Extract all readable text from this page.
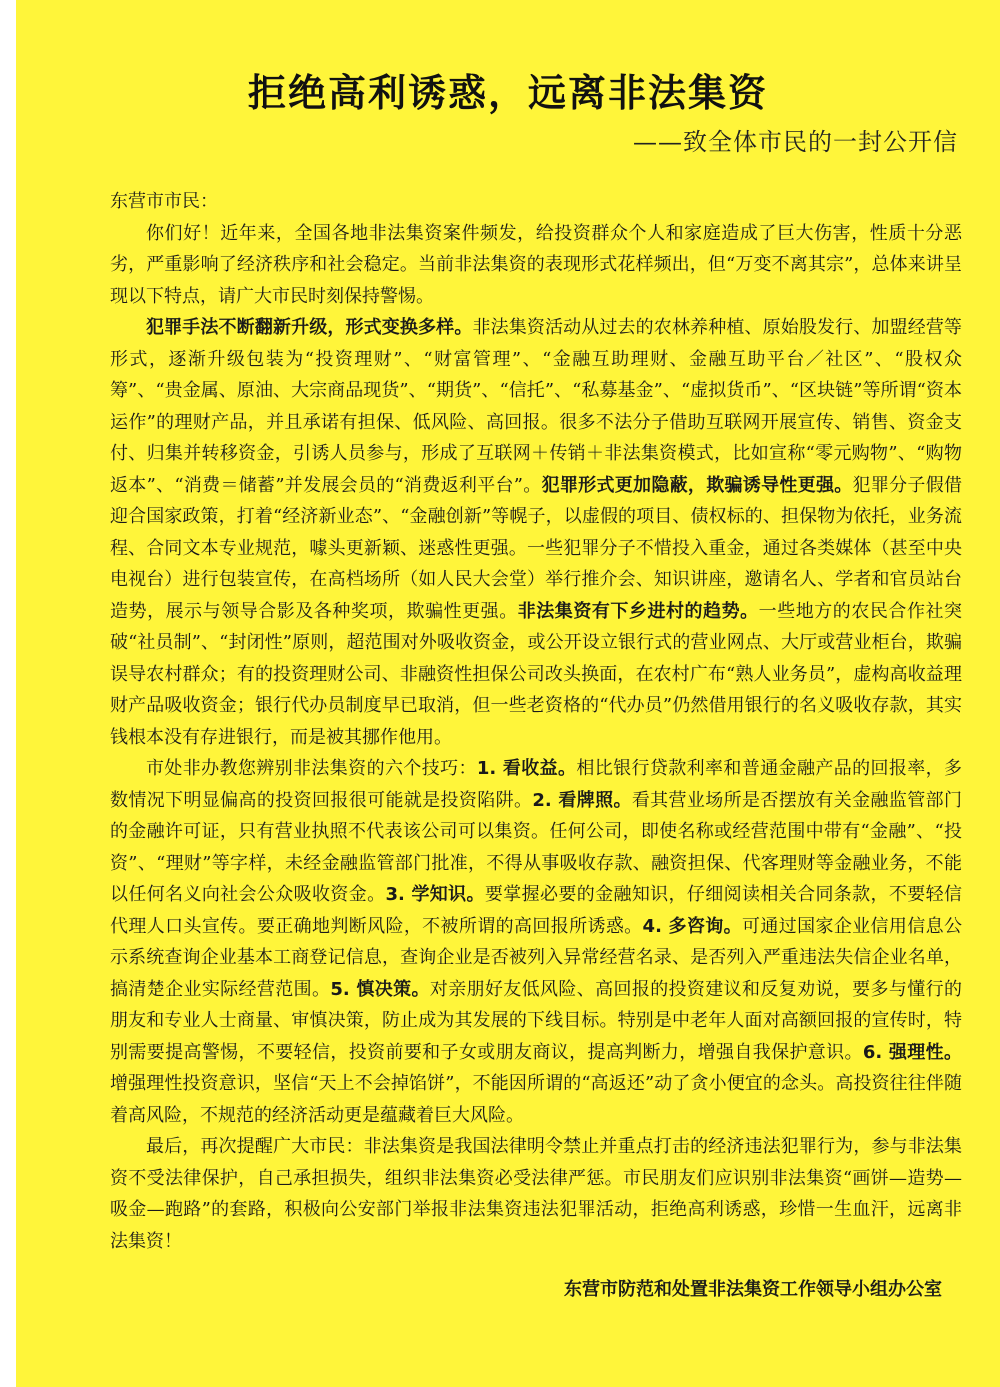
拒绝高利诱惑，远离非法集资
——致全体市民的一封公开信

东营市市民：

你们好！近年来，全国各地非法集资案件频发，给投资群众个人和家庭造成了巨大伤害，性质十分恶劣，严重影响了经济秩序和社会稳定。当前非法集资的表现形式花样频出，但“万变不离其宗”，总体来讲呈现以下特点，请广大市民时刻保持警惕。

犯罪手法不断翻新升级，形式变换多样。非法集资活动从过去的农林养种植、原始股发行、加盟经营等形式，逐渐升级包装为“投资理财”、“财富管理”、“金融互助理财、金融互助平台／社区”、“股权众筹”、“贵金属、原油、大宗商品现货”、“期货”、“信托”、“私募基金”、“虚拟货币”、“区块链”等所谓“资本运作”的理财产品，并且承诺有担保、低风险、高回报。很多不法分子借助互联网开展宣传、销售、资金支付、归集并转移资金，引诱人员参与，形成了互联网＋传销＋非法集资模式，比如宣称“零元购物”、“购物返本”、“消费＝储蓄”并发展会员的“消费返利平台”。犯罪形式更加隐蔽，欺骗诱导性更强。犯罪分子假借迎合国家政策，打着“经济新业态”、“金融创新”等幌子，以虚假的项目、债权标的、担保物为依托，业务流程、合同文本专业规范，噱头更新颖、迷惑性更强。一些犯罪分子不惜投入重金，通过各类媒体（甚至中央电视台）进行包装宣传，在高档场所（如人民大会堂）举行推介会、知识讲座，邀请名人、学者和官员站台造势，展示与领导合影及各种奖项，欺骗性更强。非法集资有下乡进村的趋势。一些地方的农民合作社突破“社员制”、“封闭性”原则，超范围对外吸收资金，或公开设立银行式的营业网点、大厅或营业柜台，欺骗误导农村群众；有的投资理财公司、非融资性担保公司改头换面，在农村广布“熟人业务员”，虚构高收益理财产品吸收资金；银行代办员制度早已取消，但一些老资格的“代办员”仍然借用银行的名义吸收存款，其实钱根本没有存进银行，而是被其挪作他用。

市处非办教您辨别非法集资的六个技巧：1. 看收益。相比银行贷款利率和普通金融产品的回报率，多数情况下明显偏高的投资回报很可能就是投资陷阱。2. 看牌照。看其营业场所是否摆放有关金融监管部门的金融许可证，只有营业执照不代表该公司可以集资。任何公司，即使名称或经营范围中带有“金融”、“投资”、“理财”等字样，未经金融监管部门批准，不得从事吸收存款、融资担保、代客理财等金融业务，不能以任何名义向社会公众吸收资金。3. 学知识。要掌握必要的金融知识，仔细阅读相关合同条款，不要轻信代理人口头宣传。要正确地判断风险，不被所谓的高回报所诱惑。4. 多咨询。可通过国家企业信用信息公示系统查询企业基本工商登记信息，查询企业是否被列入异常经营名录、是否列入严重违法失信企业名单，搞清楚企业实际经营范围。5. 慎决策。对亲朋好友低风险、高回报的投资建议和反复劝说，要多与懂行的朋友和专业人士商量、审慎决策，防止成为其发展的下线目标。特别是中老年人面对高额回报的宣传时，特别需要提高警惕，不要轻信，投资前要和子女或朋友商议，提高判断力，增强自我保护意识。6. 强理性。增强理性投资意识，坚信“天上不会掉馅饼”，不能因所谓的“高返还”动了贪小便宜的念头。高投资往往伴随着高风险，不规范的经济活动更是蕴藏着巨大风险。

最后，再次提醒广大市民：非法集资是我国法律明令禁止并重点打击的经济违法犯罪行为，参与非法集资不受法律保护，自己承担损失，组织非法集资必受法律严惩。市民朋友们应识别非法集资“画饼—造势—吸金—跑路”的套路，积极向公安部门举报非法集资违法犯罪活动，拒绝高利诱惑，珍惜一生血汗，远离非法集资！

东营市防范和处置非法集资工作领导小组办公室
